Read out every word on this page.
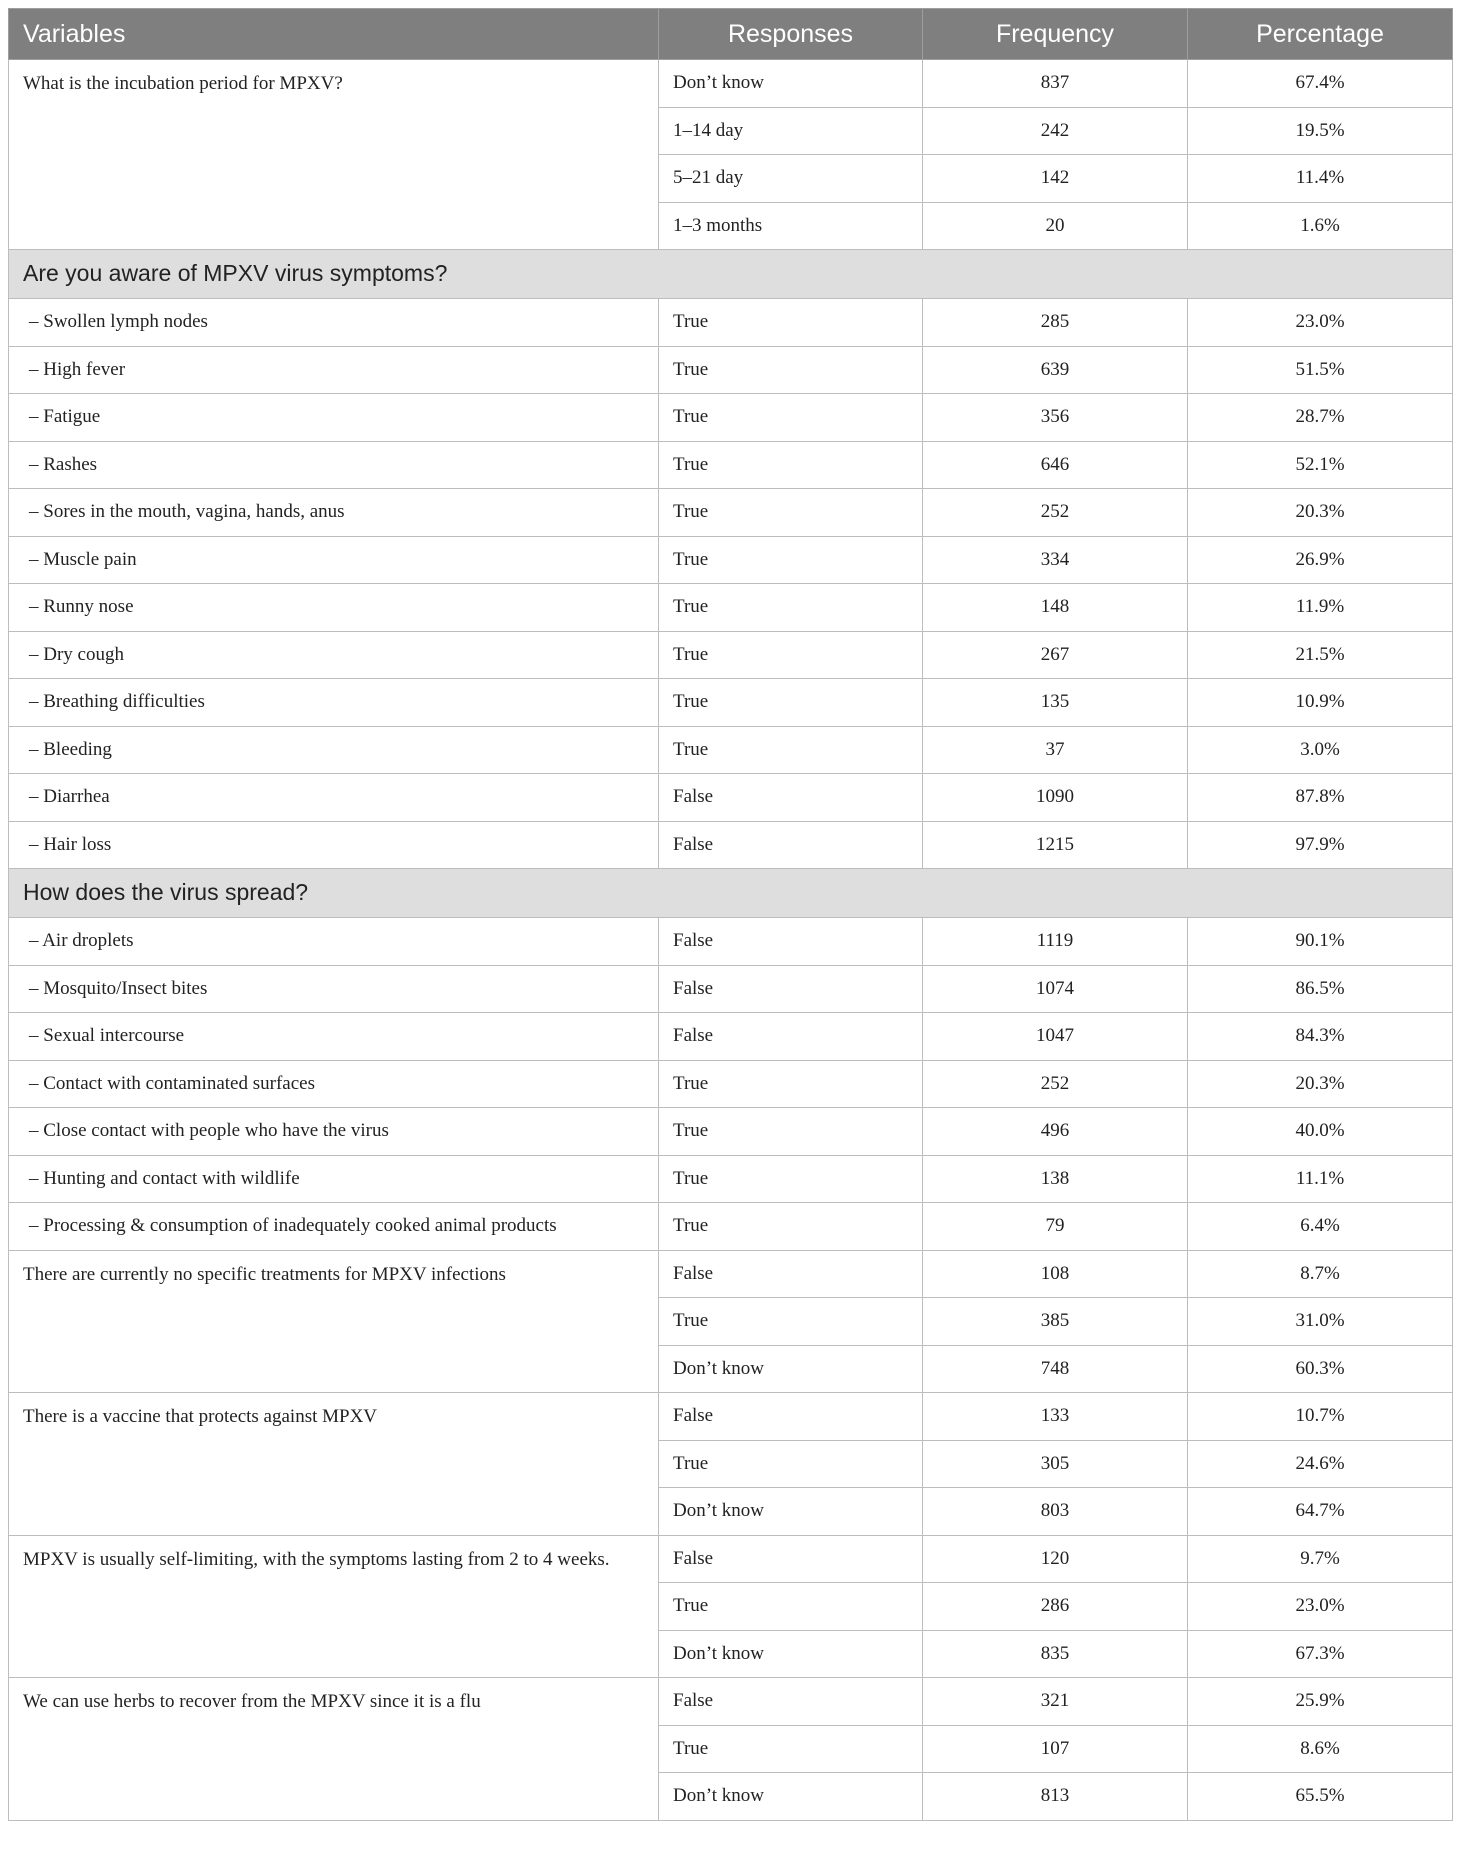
Variables	Responses	Frequency	Percentage
What is the incubation period for MPXV?	Don’t know	837	67.4%
	1–14 day	242	19.5%
	5–21 day	142	11.4%
	1–3 months	20	1.6%
Are you aware of MPXV virus symptoms?			
– Swollen lymph nodes	True	285	23.0%
– High fever	True	639	51.5%
– Fatigue	True	356	28.7%
– Rashes	True	646	52.1%
– Sores in the mouth, vagina, hands, anus	True	252	20.3%
– Muscle pain	True	334	26.9%
– Runny nose	True	148	11.9%
– Dry cough	True	267	21.5%
– Breathing difficulties	True	135	10.9%
– Bleeding	True	37	3.0%
– Diarrhea	False	1090	87.8%
– Hair loss	False	1215	97.9%
How does the virus spread?			
– Air droplets	False	1119	90.1%
– Mosquito/Insect bites	False	1074	86.5%
– Sexual intercourse	False	1047	84.3%
– Contact with contaminated surfaces	True	252	20.3%
– Close contact with people who have the virus	True	496	40.0%
– Hunting and contact with wildlife	True	138	11.1%
– Processing & consumption of inadequately cooked animal products	True	79	6.4%
There are currently no specific treatments for MPXV infections	False	108	8.7%
	True	385	31.0%
	Don’t know	748	60.3%
There is a vaccine that protects against MPXV	False	133	10.7%
	True	305	24.6%
	Don’t know	803	64.7%
MPXV is usually self-limiting, with the symptoms lasting from 2 to 4 weeks.	False	120	9.7%
	True	286	23.0%
	Don’t know	835	67.3%
We can use herbs to recover from the MPXV since it is a flu	False	321	25.9%
	True	107	8.6%
	Don’t know	813	65.5%
